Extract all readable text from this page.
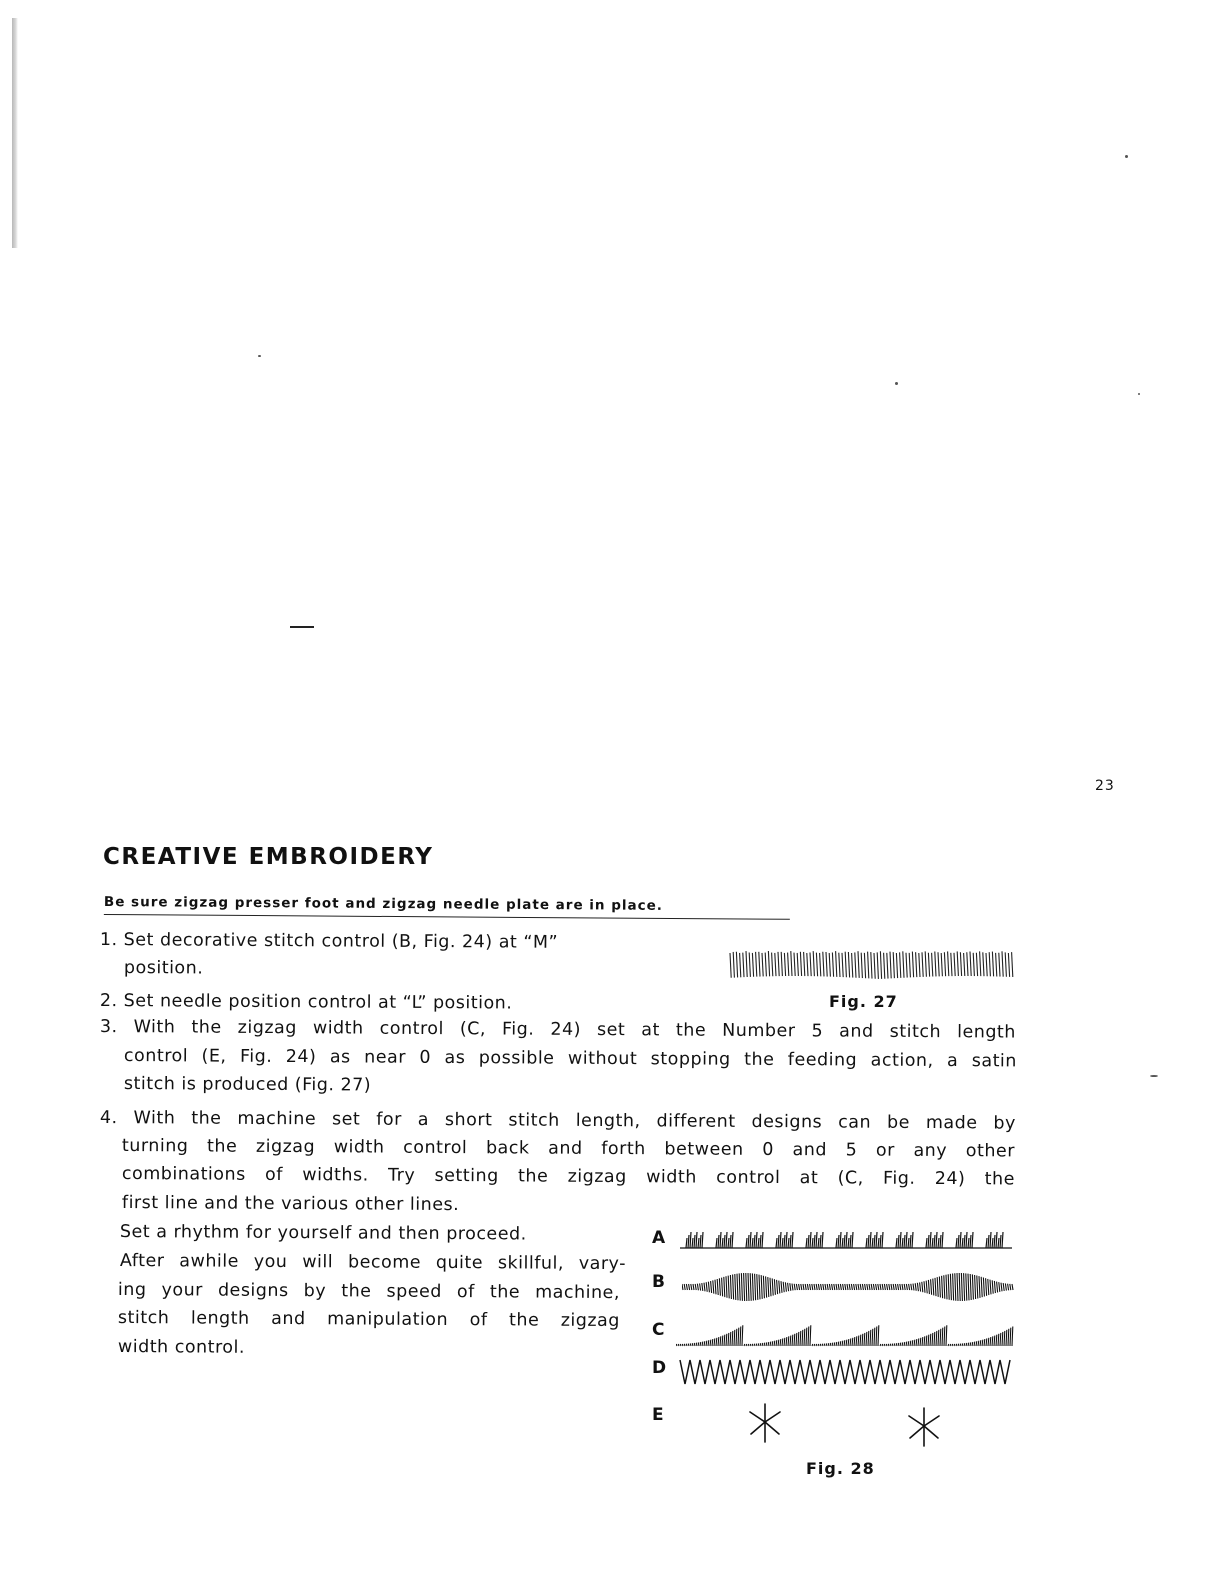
23
CREATIVE EMBROIDERY
Be sure zigzag presser foot and zigzag needle plate are in place.
1. Set decorative stitch control (B, Fig. 24) at “M”
position.
2. Set needle position control at “L” position.
3. With the zigzag width control (C, Fig. 24) set at the Number 5 and stitch length
control (E, Fig. 24) as near 0 as possible without stopping the feeding action, a satin
stitch is produced (Fig. 27)
4. With the machine set for a short stitch length, different designs can be made by
turning the zigzag width control back and forth between 0 and 5 or any other
combinations of widths. Try setting the zigzag width control at (C, Fig. 24) the
first line and the various other lines.
Set a rhythm for yourself and then proceed.
After awhile you will become quite skillful, vary-
ing your designs by the speed of the machine,
stitch length and manipulation of the zigzag
width control.
Fig. 27
A
B
C
D
E
Fig. 28
